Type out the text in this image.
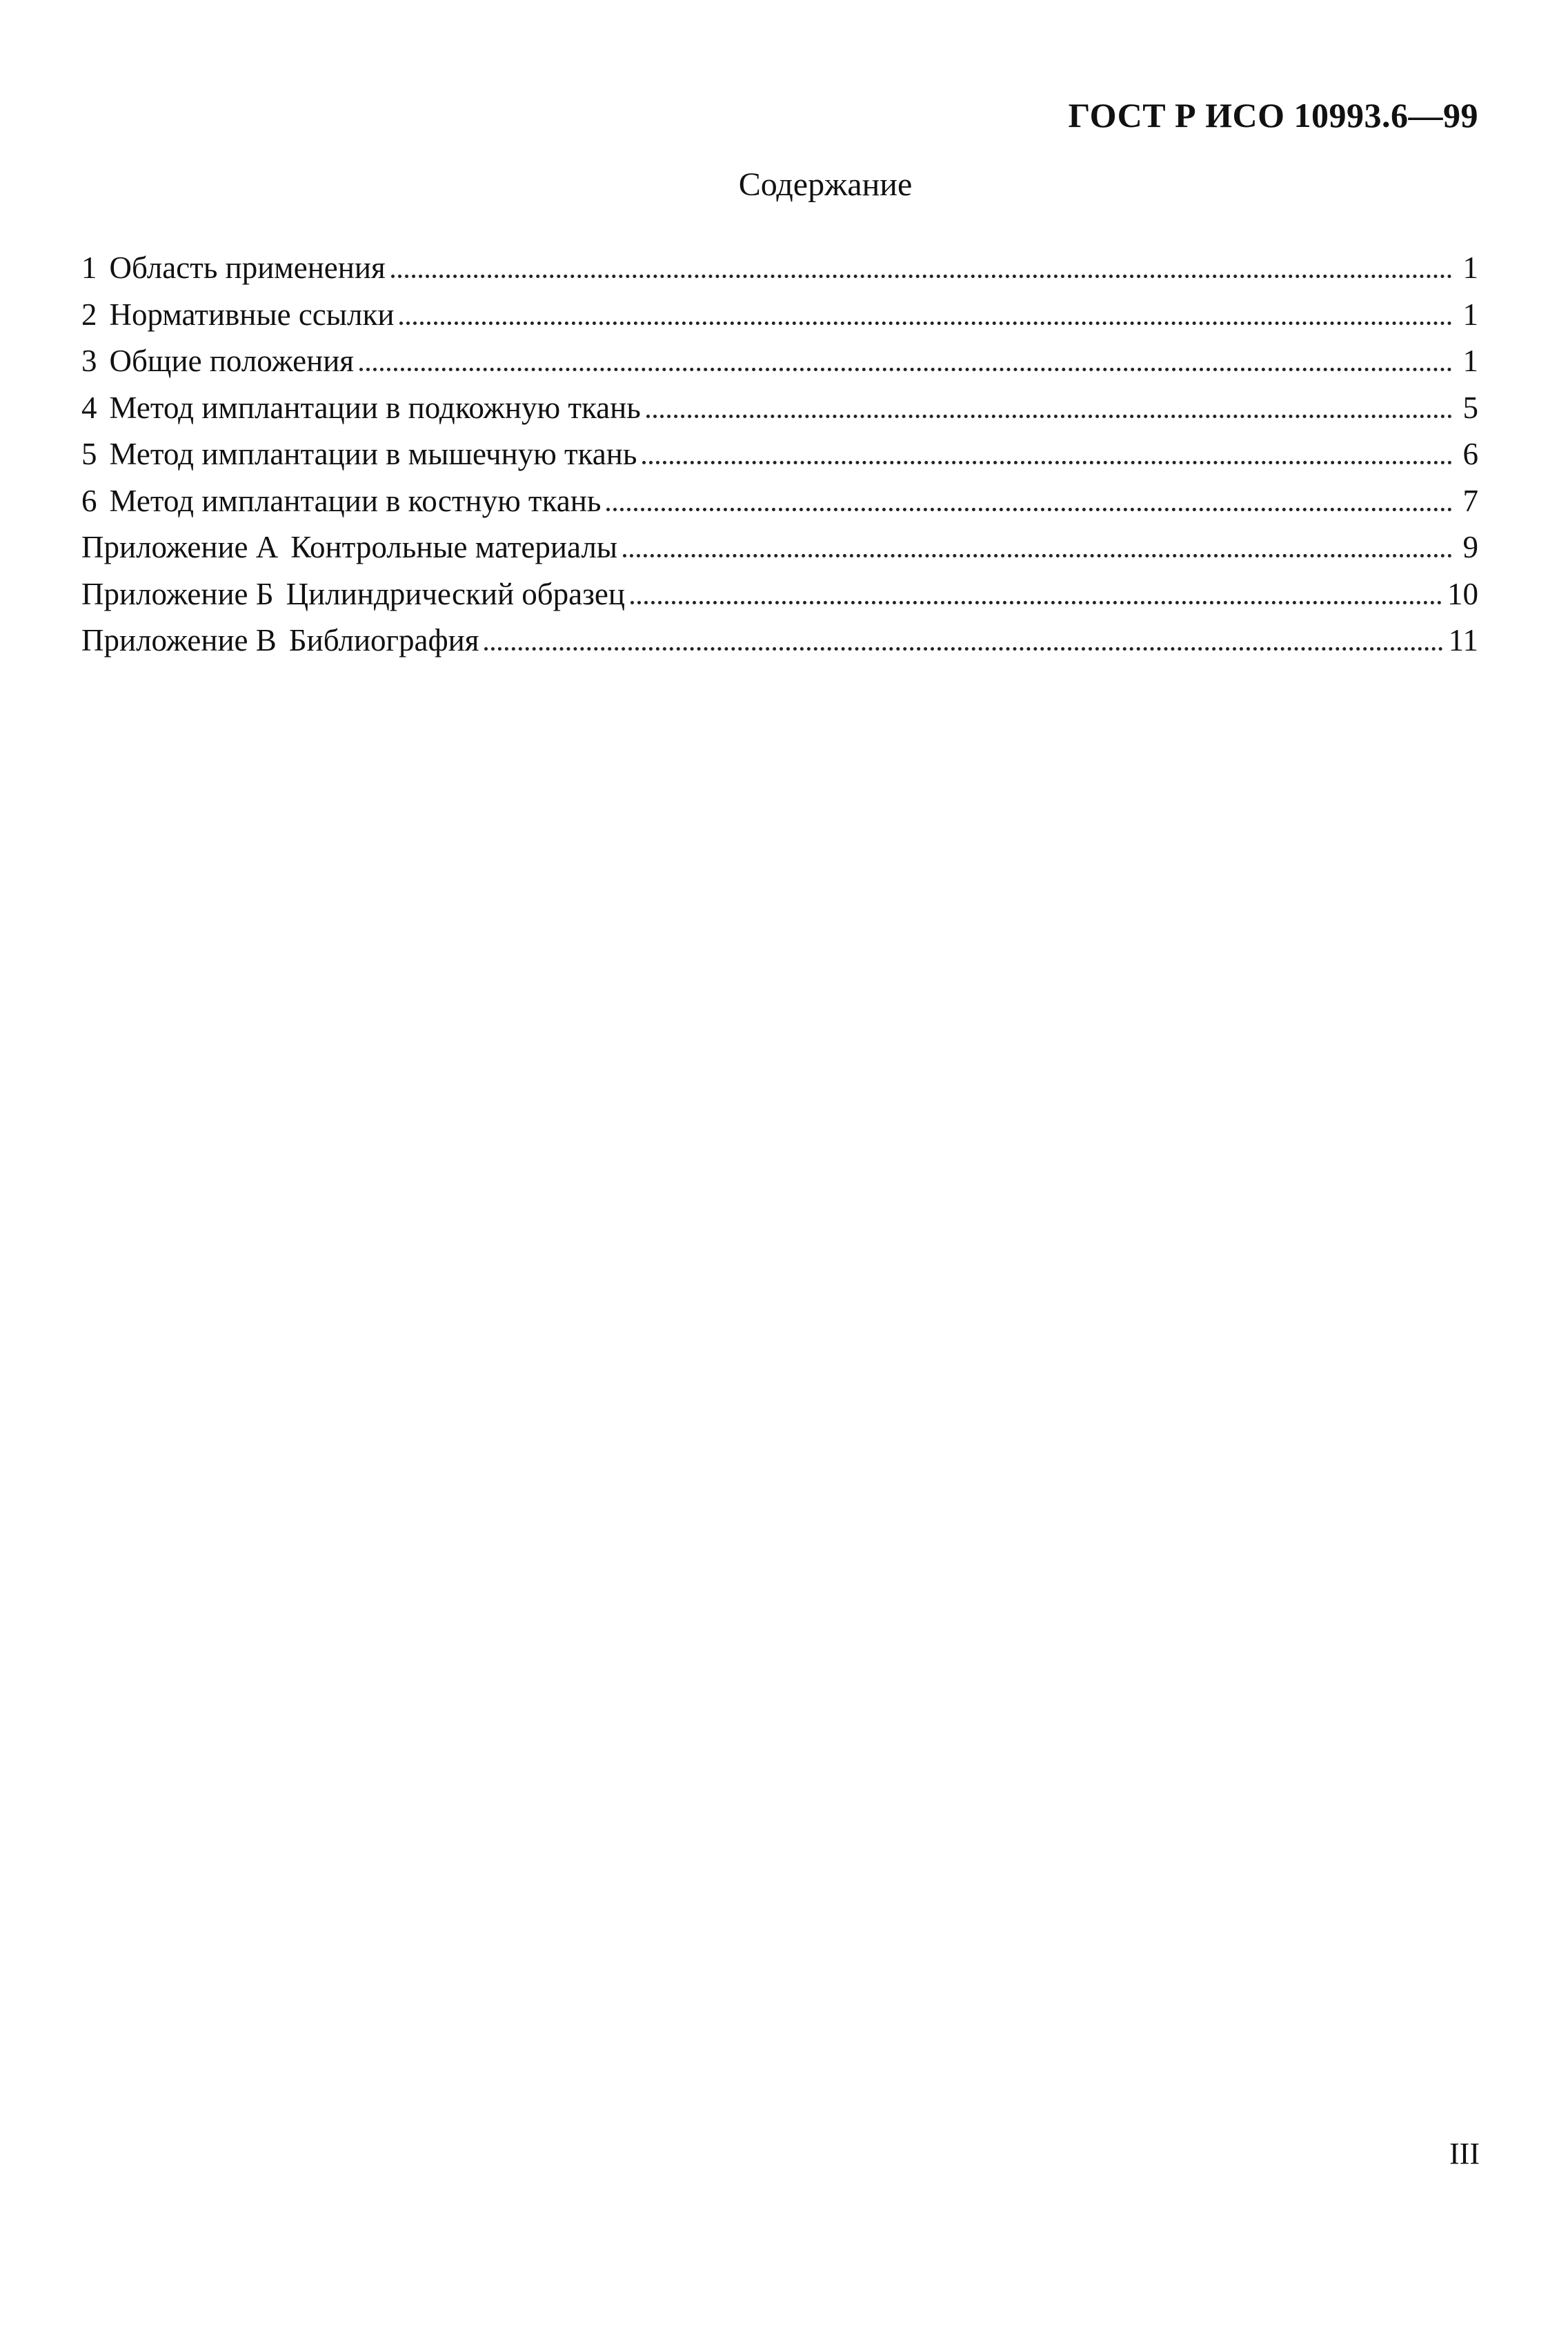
ГОСТ Р ИСО 10993.6—99
Содержание
1 Область применения	1
2 Нормативные ссылки	1
3 Общие положения	1
4 Метод имплантации в подкожную ткань	5
5 Метод имплантации в мышечную ткань	6
6 Метод имплантации в костную ткань	7
Приложение А Контрольные материалы	9
Приложение Б Цилиндрический образец	10
Приложение В Библиография	11
III
